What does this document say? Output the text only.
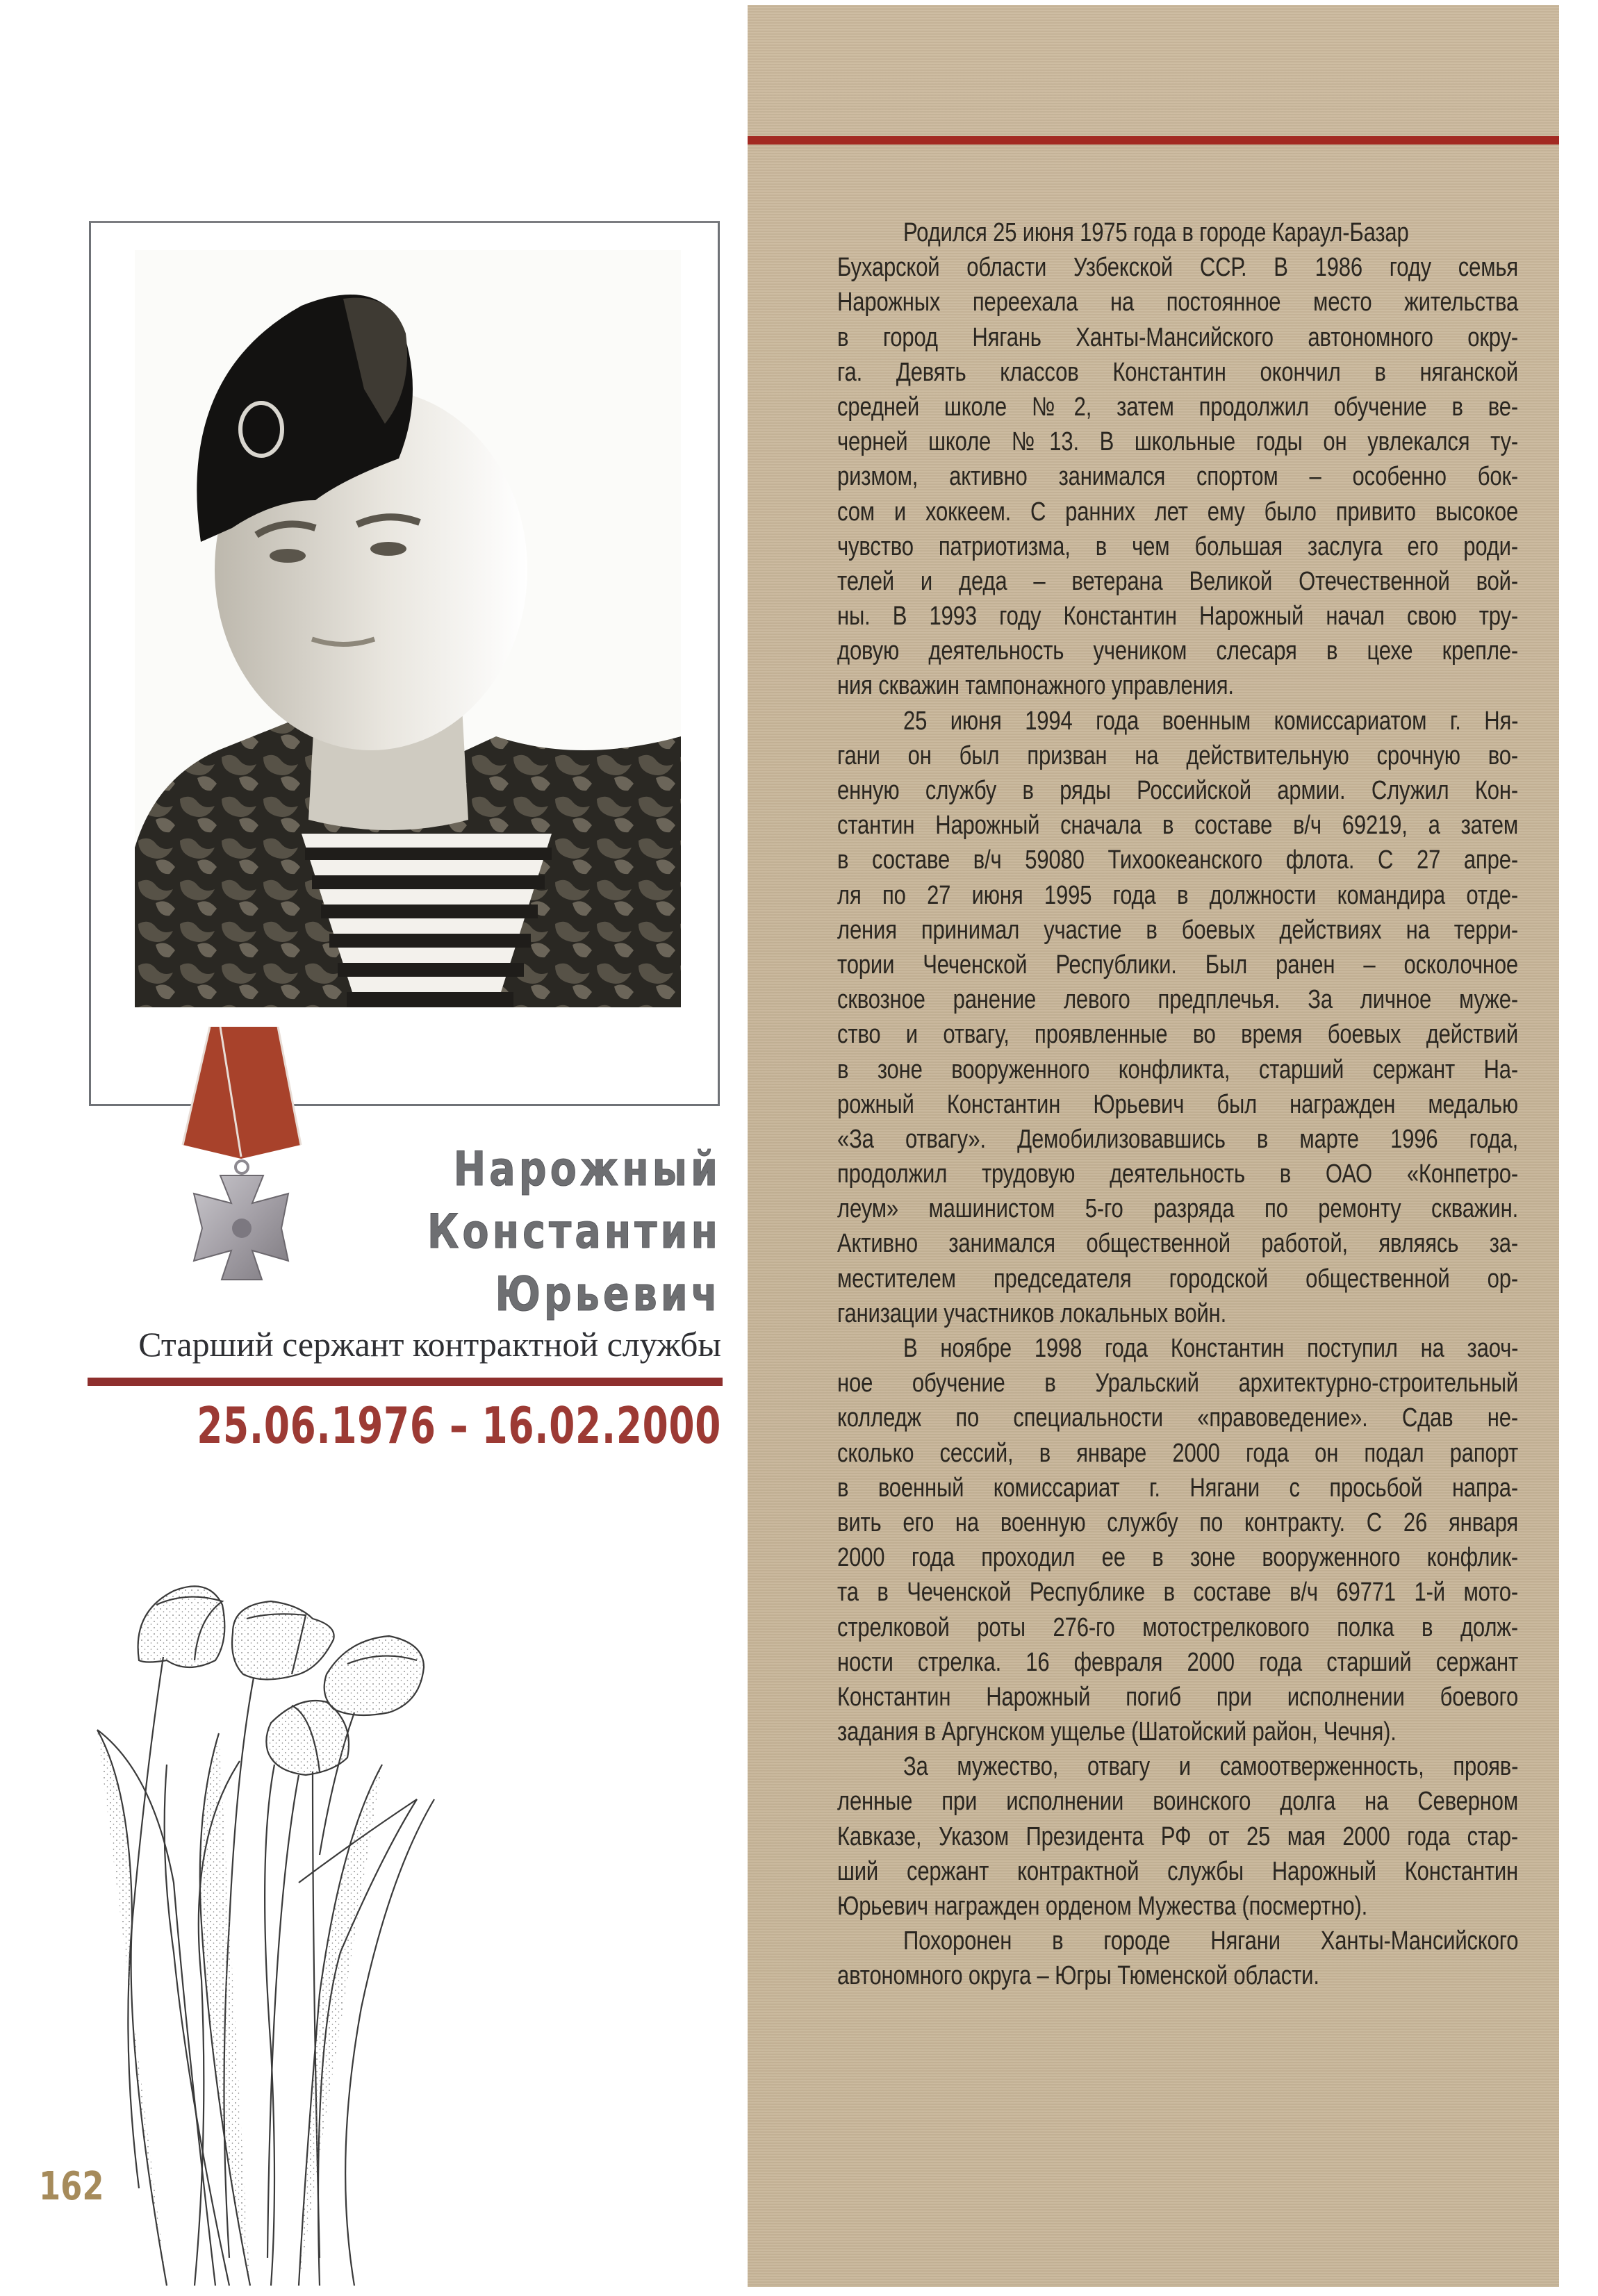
Родился 25 июня 1975 года в городе Караул-Базар
Бухарской области Узбекской ССР. В 1986 году семья
Нарожных переехала на постоянное место жительства
в город Нягань Ханты-Мансийского автономного окру-
га. Девять классов Константин окончил в няганской
средней школе №2, затем продолжил обучение в ве-
черней школе №13. В школьные годы он увлекался ту-
ризмом, активно занимался спортом – особенно бок-
сом и хоккеем. С ранних лет ему было привито высокое
чувство патриотизма, в чем большая заслуга его роди-
телей и деда – ветерана Великой Отечественной вой-
ны. В 1993 году Константин Нарожный начал свою тру-
довую деятельность учеником слесаря в цехе крепле-
ния скважин тампонажного управления.
25 июня 1994 года военным комиссариатом г. Ня-
гани он был призван на действительную срочную во-
енную службу в ряды Российской армии. Служил Кон-
стантин Нарожный сначала в составе в/ч 69219, а затем
в составе в/ч 59080 Тихоокеанского флота. С 27 апре-
ля по 27 июня 1995 года в должности командира отде-
ления принимал участие в боевых действиях на терри-
тории Чеченской Республики. Был ранен – осколочное
сквозное ранение левого предплечья. За личное муже-
ство и отвагу, проявленные во время боевых действий
в зоне вооруженного конфликта, старший сержант На-
рожный Константин Юрьевич был награжден медалью
«За отвагу». Демобилизовавшись в марте 1996 года,
продолжил трудовую деятельность в ОАО «Конпетро-
леум» машинистом 5-го разряда по ремонту скважин.
Активно занимался общественной работой, являясь за-
местителем председателя городской общественной ор-
ганизации участников локальных войн.
В ноябре 1998 года Константин поступил на заоч-
ное обучение в Уральский архитектурно-строительный
колледж по специальности «правоведение». Сдав не-
сколько сессий, в январе 2000 года он подал рапорт
в военный комиссариат г. Нягани с просьбой напра-
вить его на военную службу по контракту. С 26 января
2000 года проходил ее в зоне вооруженного конфлик-
та в Чеченской Республике в составе в/ч 69771 1-й мото-
стрелковой роты 276-го мотострелкового полка в долж-
ности стрелка. 16 февраля 2000 года старший сержант
Константин Нарожный погиб при исполнении боевого
задания в Аргунском ущелье (Шатойский район, Чечня).
За мужество, отвагу и самоотверженность, прояв-
ленные при исполнении воинского долга на Северном
Кавказе, Указом Президента РФ от 25 мая 2000 года стар-
ший сержант контрактной службы Нарожный Константин
Юрьевич награжден орденом Мужества (посмертно).
Похоронен в городе Нягани Ханты-Мансийского
автономного округа – Югры Тюменской области.
Нарожный
Константин
Юрьевич
Старший сержант контрактной службы
25.06.1976 – 16.02.2000
162
